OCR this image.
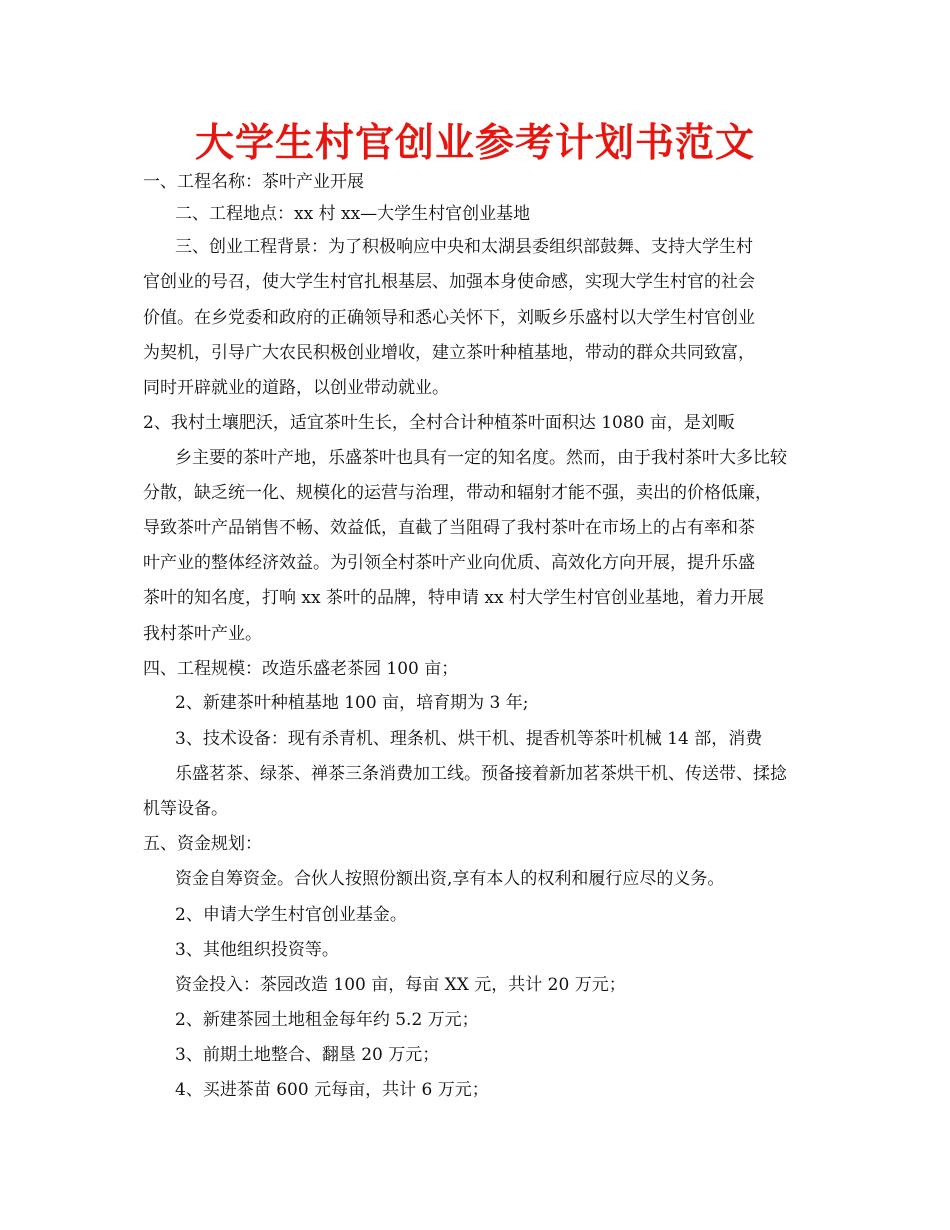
大学生村官创业参考计划书范文
一、工程名称：茶叶产业开展
二、工程地点：xx 村 xx—大学生村官创业基地
三、创业工程背景：为了积极响应中央和太湖县委组织部鼓舞、支持大学生村
官创业的号召，使大学生村官扎根基层、加强本身使命感，实现大学生村官的社会
价值。在乡党委和政府的正确领导和悉心关怀下，刘畈乡乐盛村以大学生村官创业
为契机，引导广大农民积极创业增收，建立茶叶种植基地，带动的群众共同致富，
同时开辟就业的道路，以创业带动就业。
2、我村土壤肥沃，适宜茶叶生长，全村合计种植茶叶面积达 1080 亩，是刘畈
乡主要的茶叶产地，乐盛茶叶也具有一定的知名度。然而，由于我村茶叶大多比较
分散，缺乏统一化、规模化的运营与治理，带动和辐射才能不强，卖出的价格低廉，
导致茶叶产品销售不畅、效益低，直截了当阻碍了我村茶叶在市场上的占有率和茶
叶产业的整体经济效益。为引领全村茶叶产业向优质、高效化方向开展，提升乐盛
茶叶的知名度，打响 xx 茶叶的品牌，特申请 xx 村大学生村官创业基地，着力开展
我村茶叶产业。
四、工程规模：改造乐盛老茶园 100 亩；
2、新建茶叶种植基地 100 亩，培育期为 3 年;
3、技术设备：现有杀青机、理条机、烘干机、提香机等茶叶机械 14 部，消费
乐盛茗茶、绿茶、禅茶三条消费加工线。预备接着新加茗茶烘干机、传送带、揉捻
机等设备。
五、资金规划：
资金自筹资金。合伙人按照份额出资,享有本人的权利和履行应尽的义务。
2、申请大学生村官创业基金。
3、其他组织投资等。
资金投入：茶园改造 100 亩，每亩 XX 元，共计 20 万元；
2、新建茶园土地租金每年约 5.2 万元；
3、前期土地整合、翻垦 20 万元；
4、买进茶苗 600 元每亩，共计 6 万元；
